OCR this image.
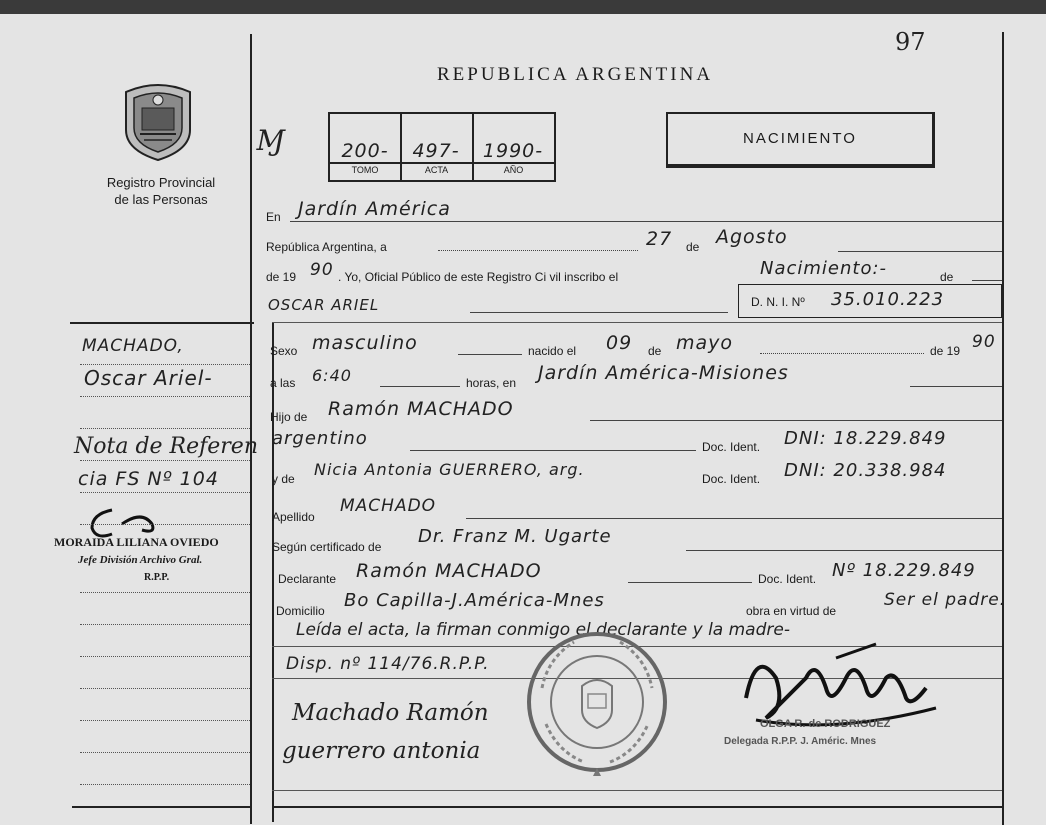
97
Registro Provincial
de las Personas
REPUBLICA ARGENTINA
Ɱ	200-	497-	1990-
TOMO	ACTA	AÑO
NACIMIENTO
En Jardín América
República Argentina, a	27 de Agosto
de 19 90 . Yo, Oficial Público de este Registro Ci vil inscribo el	Nacimiento:-	de
OSCAR ARIEL	D. N. I. Nº 35.010.223
Sexo masculino	nacido el 09 de mayo	de 19 90
a las 6:40	horas, en Jardín América-Misiones
Hijo de Ramón MACHADO
argentino	Doc. Ident. DNI: 18.229.849
y de Nicia Antonia GUERRERO, arg.	Doc. Ident. DNI: 20.338.984
Apellido
MACHADO
Según certificado de Dr. Franz M. Ugarte
Declarante Ramón MACHADO	Doc. Ident. Nº 18.229.849
Domicilio Bo Capilla-J.América-Mnes	obra en virtud de
Ser el padre.
Leída el acta, la firman conmigo el declarante y la madre-
Disp. nº 114/76.R.P.P.
OLGA R. de RODRIGUEZ
Delegada R.P.P. J. Améric. Mnes
Machado Ramón
guerrero antonia
MACHADO,
Oscar Ariel-
Nota de Referen
cia FS Nº 104
MORAIDA LILIANA OVIEDO
Jefe División Archivo Gral.
R.P.P.
